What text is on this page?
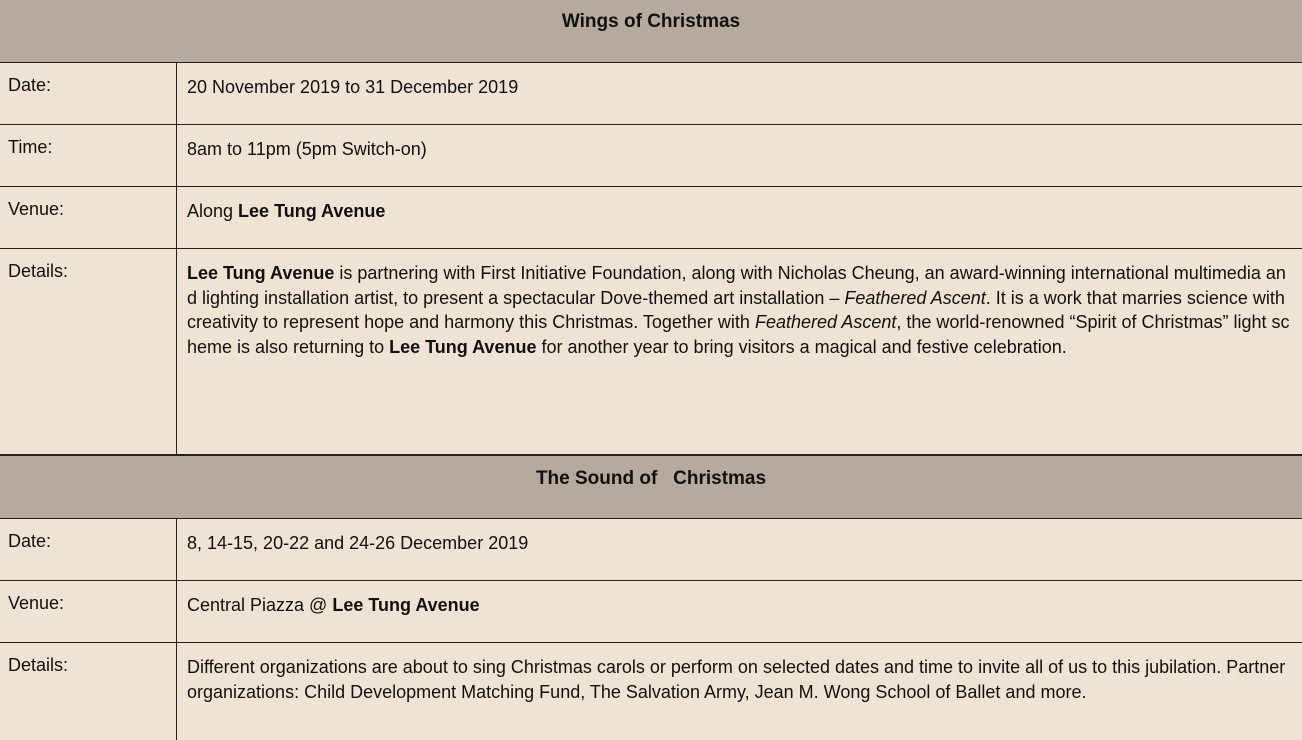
Wings of Christmas
Date:	20 November 2019 to 31 December 2019
Time:	8am to 11pm (5pm Switch-on)
Venue:	Along Lee Tung Avenue
Details:	Lee Tung Avenue is partnering with First Initiative Foundation, along with Nicholas Cheung, an award-winning international multimedia and lighting installation artist, to present a spectacular Dove-themed art installation – Feathered Ascent. It is a work that marries science with creativity to represent hope and harmony this Christmas. Together with Feathered Ascent, the world-renowned “Spirit of Christmas” light scheme is also returning to Lee Tung Avenue for another year to bring visitors a magical and festive celebration.
The Sound of   Christmas
Date:	8, 14-15, 20-22 and 24-26 December 2019
Venue:	Central Piazza @ Lee Tung Avenue
Details:	Different organizations are about to sing Christmas carols or perform on selected dates and time to invite all of us to this jubilation. Partner organizations: Child Development Matching Fund, The Salvation Army, Jean M. Wong School of Ballet and more.
